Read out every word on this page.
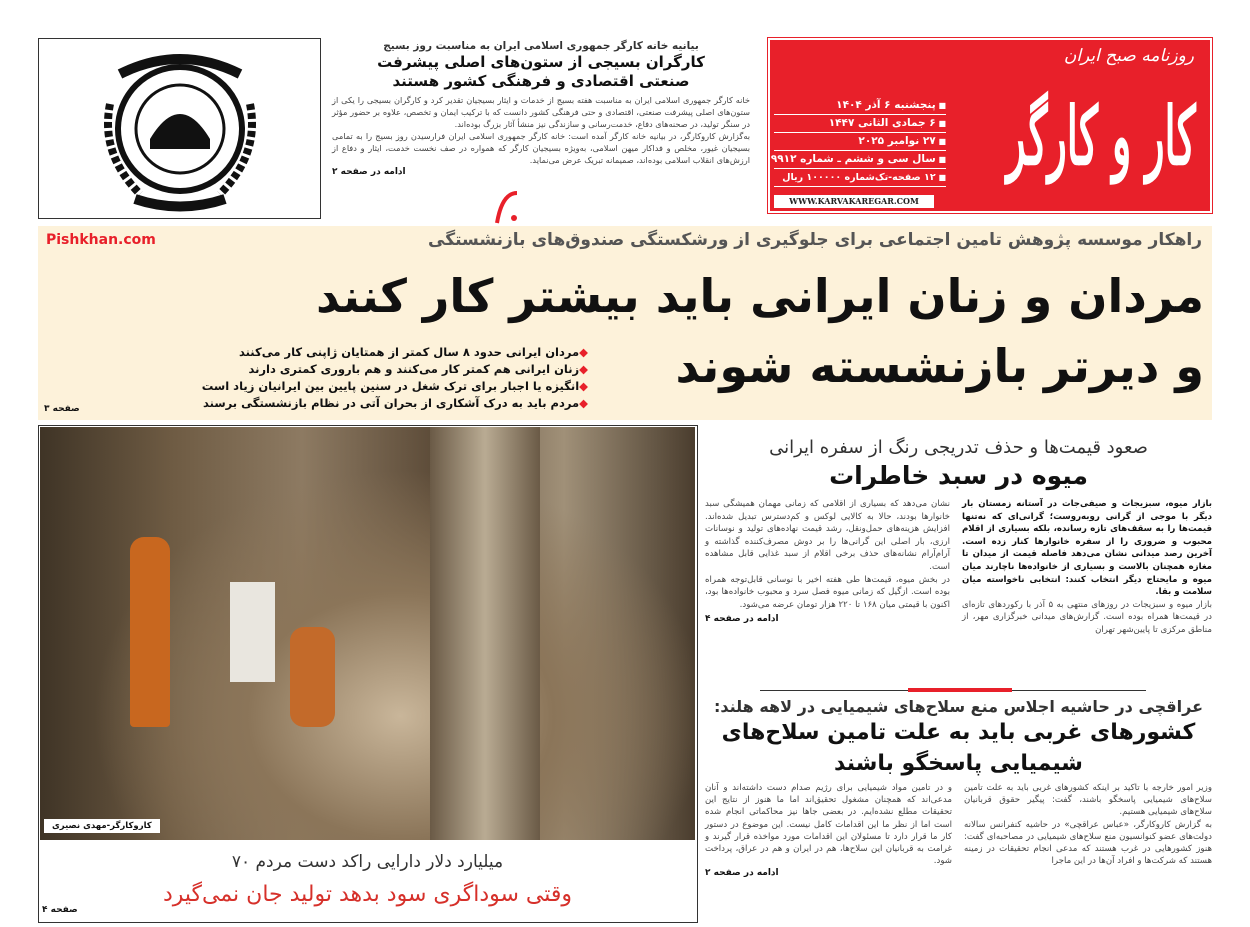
بیانیه خانه کارگر جمهوری اسلامی ایران به مناسبت روز بسیج
کارگران بسیجی از ستون‌های اصلی پیشرفت صنعتی اقتصادی و فرهنگی کشور هستند
خانه کارگر جمهوری اسلامی ایران به مناسبت هفته بسیج از خدمات و ایثار بسیجیان تقدیر کرد و کارگران بسیجی را یکی از ستون‌های اصلی پیشرفت صنعتی، اقتصادی و حتی فرهنگی کشور دانست که با ترکیب ایمان و تخصص، علاوه بر حضور مؤثر در سنگر تولید، در صحنه‌های دفاع، خدمت‌رسانی و سازندگی نیز منشأ آثار بزرگ بوده‌اند.
به‌گزارش کاروکارگر، در بیانیه خانه کارگر آمده است: خانه کارگر جمهوری اسلامی ایران فرارسیدن روز بسیج را به تمامی بسیجیان غیور، مخلص و فداکار میهن اسلامی، به‌ویژه بسیجیان کارگر که همواره در صف نخست خدمت، ایثار و دفاع از ارزش‌های انقلاب اسلامی بوده‌اند، صمیمانه تبریک عرض می‌نماید.
ادامه در صفحه ۲
روزنامه صبح ایران
کار و کارگر
■ پنجشنبه ۶ آذر ۱۴۰۴
■ ۶ جمادی الثانی ۱۴۴۷
■ ۲۷ نوامبر ۲۰۲۵
■ سال سی و ششم ـ شماره ۹۹۱۲
■ ۱۲ صفحه-تک‌شماره ۱۰۰۰۰۰ ریال
WWW.KARVAKAREGAR.COM
راهکار موسسه پژوهش تامین اجتماعی برای جلوگیری از ورشکستگی صندوق‌های بازنشستگی
مردان و زنان ایرانی باید بیشتر کار کنند
و دیرتر بازنشسته شوند
◆مردان ایرانی حدود ۸ سال کمتر از همتایان ژاپنی کار می‌کنند
◆زنان ایرانی هم کمتر کار می‌کنند و هم باروری کمتری دارند
◆انگیزه یا اجبار برای ترک شغل در سنین پایین بین ایرانیان زیاد است
◆مردم باید به درک آشکاری از بحران آتی در نظام بازنشستگی برسند
صفحه ۳
Pishkhan.com
کاروکارگر-مهدی نصیری
۷۰ میلیارد دلار دارایی راکد دست مردم
وقتی سوداگری سود بدهد تولید جان نمی‌گیرد
صفحه ۴
صعود قیمت‌ها و حذف تدریجی رنگ از سفره ایرانی
میوه در سبد خاطرات
بازار میوه، سبزیجات و صیفی‌جات در آستانه زمستان بار دیگر با موجی از گرانی روبه‌روست؛ گرانی‌ای که نه‌تنها قیمت‌ها را به سقف‌های تازه رسانده، بلکه بسیاری از اقلام محبوب و ضروری را از سفره خانوارها کنار زده است. آخرین رصد میدانی نشان می‌دهد فاصله قیمت از میدان تا مغازه همچنان بالاست و بسیاری از خانواده‌ها ناچارند میان میوه و مایحتاج دیگر انتخاب کنند: انتخابی ناخواسته میان سلامت و بقا.
بازار میوه و سبزیجات در روزهای منتهی به ۵ آذر با رکوردهای تازه‌ای در قیمت‌ها همراه بوده است. گزارش‌های میدانی خبرگزاری مهر، از مناطق مرکزی تا پایین‌شهر تهران
نشان می‌دهد که بسیاری از اقلامی که زمانی مهمان همیشگی سبد خانوارها بودند، حالا به کالایی لوکس و کم‌دسترس تبدیل شده‌اند. افزایش هزینه‌های حمل‌ونقل، رشد قیمت نهاده‌های تولید و نوسانات ارزی، بار اصلی این گرانی‌ها را بر دوش مصرف‌کننده گذاشته و آرام‌آرام نشانه‌های حذف برخی اقلام از سبد غذایی قابل مشاهده است.
در بخش میوه، قیمت‌ها طی هفته اخیر با نوسانی قابل‌توجه همراه بوده است. ازگیل که زمانی میوه فصل سرد و محبوب خانواده‌ها بود، اکنون با قیمتی میان ۱۶۸ تا ۲۲۰ هزار تومان عرضه می‌شود.
ادامه در صفحه ۴
عراقچی در حاشیه اجلاس منع سلاح‌های شیمیایی در لاهه هلند:
کشورهای غربی باید به علت تامین سلاح‌های شیمیایی پاسخگو باشند
وزیر امور خارجه با تاکید بر اینکه کشورهای غربی باید به علت تامین سلاح‌های شیمیایی پاسخگو باشند، گفت: پیگیر حقوق قربانیان سلاح‌های شیمیایی هستیم.
به گزارش کاروکارگر، «عباس عراقچی» در حاشیه کنفرانس سالانه دولت‌های عضو کنوانسیون منع سلاح‌های شیمیایی در مصاحبه‌ای گفت: هنوز کشورهایی در غرب هستند که مدعی انجام تحقیقات در زمینه هستند که شرکت‌ها و افراد آن‌ها در این ماجرا
و در تامین مواد شیمیایی برای رژیم صدام دست داشته‌اند و آنان مدعی‌اند که همچنان مشغول تحقیق‌اند اما ما هنوز از نتایج این تحقیقات مطلع نشده‌ایم. در بعضی جاها نیز محاکماتی انجام شده است اما از نظر ما این اقدامات کامل نیست. این موضوع در دستور کار ما قرار دارد تا مسئولان این اقدامات مورد مواخذه قرار گیرند و غرامت به قربانیان این سلاح‌ها، هم در ایران و هم در عراق، پرداخت شود.
ادامه در صفحه ۲
